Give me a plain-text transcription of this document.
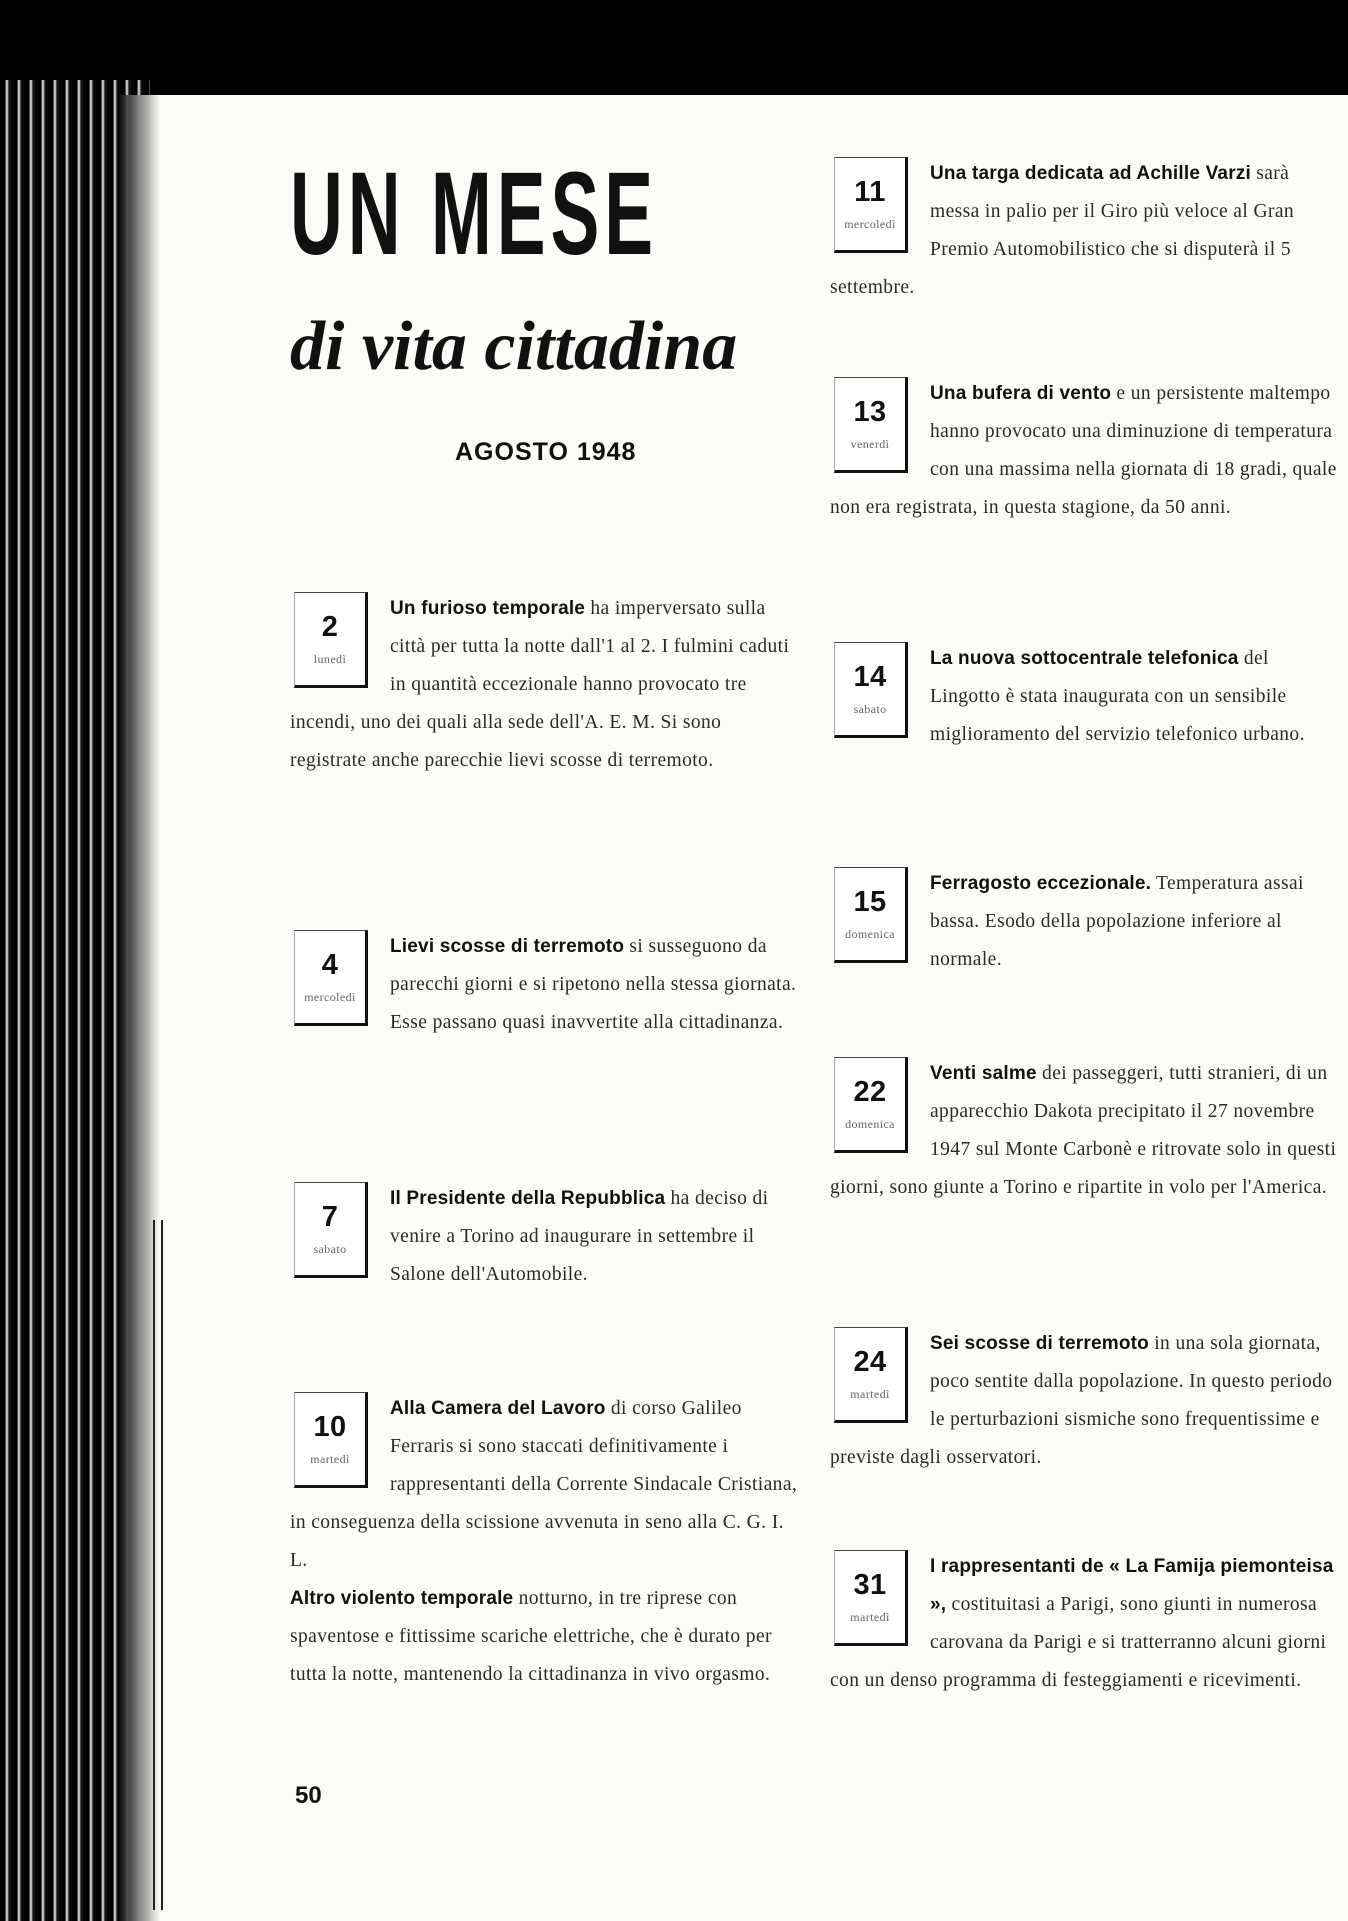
UN MESE
di vita cittadina
AGOSTO 1948
2
lunedì

Un furioso temporale ha imperversato sulla città per tutta la notte dall'1 al 2. I fulmini caduti in quantità eccezionale hanno provocato tre incendi, uno dei quali alla sede dell'A. E. M. Si sono registrate anche parecchie lievi scosse di terremoto.

4
mercoledì

Lievi scosse di terremoto si susseguono da parecchi giorni e si ripetono nella stessa giornata. Esse passano quasi inavvertite alla cittadinanza.

7
sabato

Il Presidente della Repubblica ha deciso di venire a Torino ad inaugurare in settembre il Salone dell'Automobile.

10
martedì

Alla Camera del Lavoro di corso Galileo Ferraris si sono staccati definitivamente i rappresentanti della Corrente Sindacale Cristiana, in conseguenza della scissione avvenuta in seno alla C. G. I. L.

Altro violento temporale notturno, in tre riprese con spaventose e fittissime scariche elettriche, che è durato per tutta la notte, mantenendo la cittadinanza in vivo orgasmo.

11
mercoledì

Una targa dedicata ad Achille Varzi sarà messa in palio per il Giro più veloce al Gran Premio Automobilistico che si disputerà il 5 settembre.

13
venerdì

Una bufera di vento e un persistente maltempo hanno provocato una diminuzione di temperatura con una massima nella giornata di 18 gradi, quale non era registrata, in questa stagione, da 50 anni.

14
sabato

La nuova sottocentrale telefonica del Lingotto è stata inaugurata con un sensibile miglioramento del servizio telefonico urbano.

15
domenica

Ferragosto eccezionale. Temperatura assai bassa. Esodo della popolazione inferiore al normale.

22
domenica

Venti salme dei passeggeri, tutti stranieri, di un apparecchio Dakota precipitato il 27 novembre 1947 sul Monte Carbonè e ritrovate solo in questi giorni, sono giunte a Torino e ripartite in volo per l'America.

24
martedì

Sei scosse di terremoto in una sola giornata, poco sentite dalla popolazione. In questo periodo le perturbazioni sismiche sono frequentissime e previste dagli osservatori.

31
martedì

I rappresentanti de « La Famija piemonteisa », costituitasi a Parigi, sono giunti in numerosa carovana da Parigi e si tratterranno alcuni giorni con un denso programma di festeggiamenti e ricevimenti.

50
